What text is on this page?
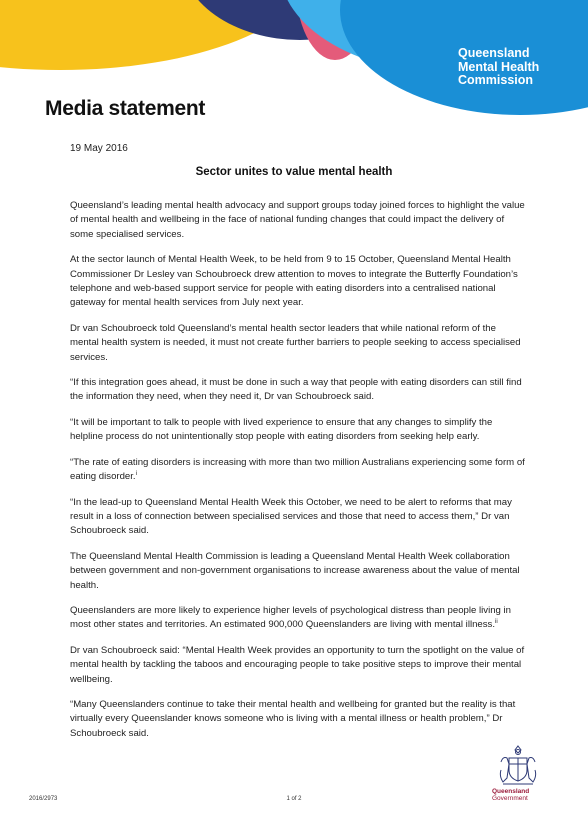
Queensland
Mental Health
Commission
Media statement
19 May 2016
Sector unites to value mental health

Queensland’s leading mental health advocacy and support groups today joined forces to highlight the value of mental health and wellbeing in the face of national funding changes that could impact the delivery of some specialised services.

At the sector launch of Mental Health Week, to be held from 9 to 15 October, Queensland Mental Health Commissioner Dr Lesley van Schoubroeck drew attention to moves to integrate the Butterfly Foundation’s telephone and web-based support service for people with eating disorders into a centralised national gateway for mental health services from July next year.

Dr van Schoubroeck told Queensland’s mental health sector leaders that while national reform of the mental health system is needed, it must not create further barriers to people seeking to access specialised services.

“If this integration goes ahead, it must be done in such a way that people with eating disorders can still find the information they need, when they need it, Dr van Schoubroeck said.

“It will be important to talk to people with lived experience to ensure that any changes to simplify the helpline process do not unintentionally stop people with eating disorders from seeking help early.

“The rate of eating disorders is increasing with more than two million Australians experiencing some form of eating disorder.$^i$

“In the lead-up to Queensland Mental Health Week this October, we need to be alert to reforms that may result in a loss of connection between specialised services and those that need to access them,” Dr van Schoubroeck said.

The Queensland Mental Health Commission is leading a Queensland Mental Health Week collaboration between government and non-government organisations to increase awareness about the value of mental health.

Queenslanders are more likely to experience higher levels of psychological distress than people living in most other states and territories. An estimated 900,000 Queenslanders are living with mental illness.$^{ii}$

Dr van Schoubroeck said: “Mental Health Week provides an opportunity to turn the spotlight on the value of mental health by tackling the taboos and encouraging people to take positive steps to improve their mental wellbeing.

“Many Queenslanders continue to take their mental health and wellbeing for granted but the reality is that virtually every Queenslander knows someone who is living with a mental illness or health problem,” Dr Schoubroeck said.

2016/2973	1 of 2
Queensland
Government
